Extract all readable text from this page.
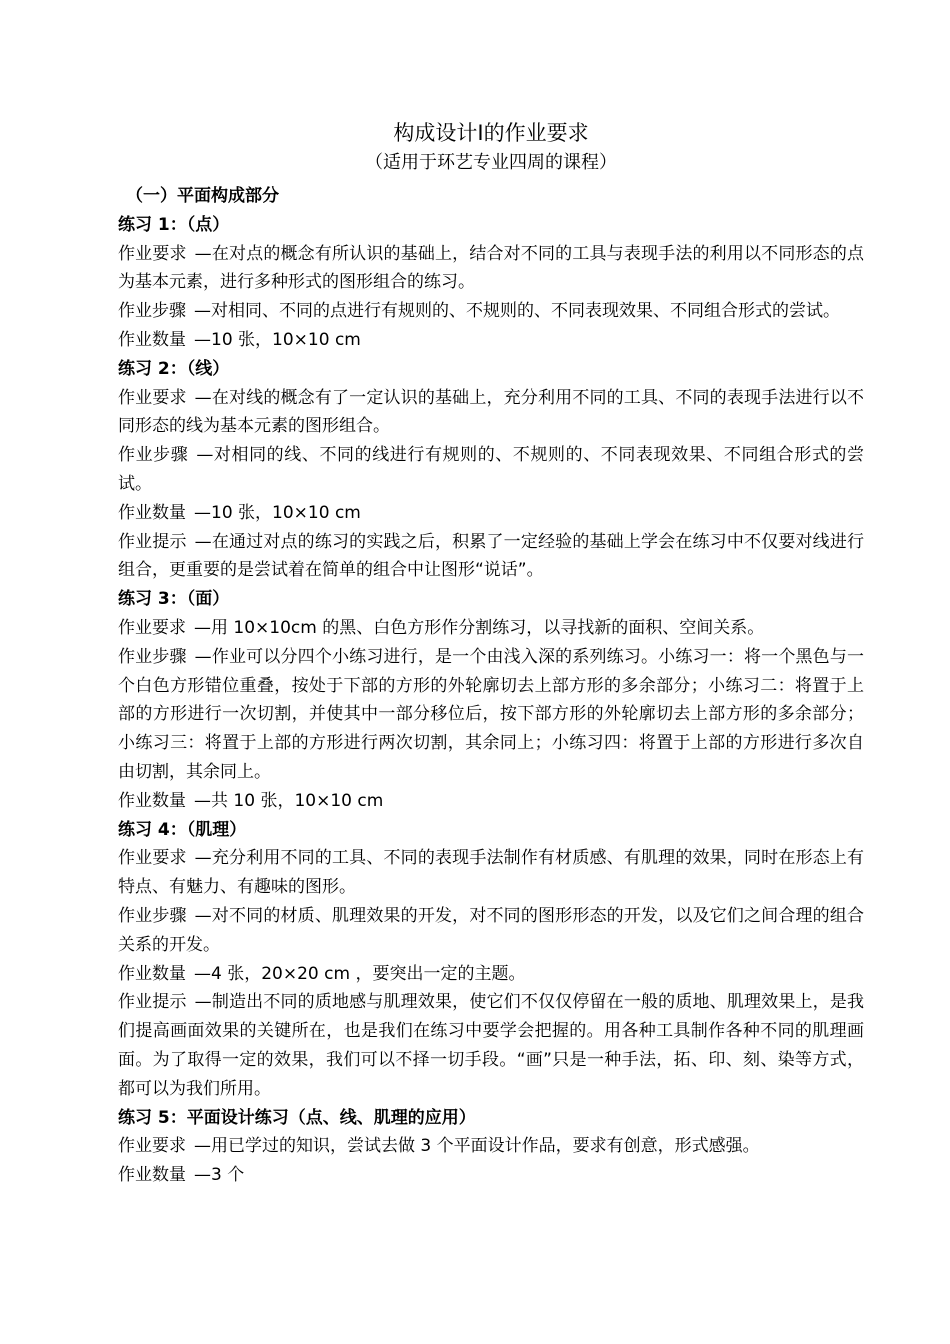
构成设计Ⅰ的作业要求

（适用于环艺专业四周的课程）

（一）平面构成部分

练习 1：（点）

作业要求 —在对点的概念有所认识的基础上，结合对不同的工具与表现手法的利用以不同形态的点为基本元素，进行多种形式的图形组合的练习。

作业步骤 —对相同、不同的点进行有规则的、不规则的、不同表现效果、不同组合形式的尝试。

作业数量 —10 张，10×10 cm

练习 2：（线）

作业要求 —在对线的概念有了一定认识的基础上，充分利用不同的工具、不同的表现手法进行以不同形态的线为基本元素的图形组合。

作业步骤 —对相同的线、不同的线进行有规则的、不规则的、不同表现效果、不同组合形式的尝试。

作业数量 —10 张，10×10 cm

作业提示 —在通过对点的练习的实践之后，积累了一定经验的基础上学会在练习中不仅要对线进行组合，更重要的是尝试着在简单的组合中让图形“说话”。

练习 3：（面）

作业要求 —用 10×10cm 的黑、白色方形作分割练习，以寻找新的面积、空间关系。

作业步骤 —作业可以分四个小练习进行，是一个由浅入深的系列练习。小练习一：将一个黑色与一个白色方形错位重叠，按处于下部的方形的外轮廓切去上部方形的多余部分；小练习二：将置于上部的方形进行一次切割，并使其中一部分移位后，按下部方形的外轮廓切去上部方形的多余部分；小练习三：将置于上部的方形进行两次切割，其余同上；小练习四：将置于上部的方形进行多次自由切割，其余同上。

作业数量 —共 10 张，10×10 cm

练习 4：（肌理）

作业要求 —充分利用不同的工具、不同的表现手法制作有材质感、有肌理的效果，同时在形态上有特点、有魅力、有趣味的图形。

作业步骤 —对不同的材质、肌理效果的开发，对不同的图形形态的开发，以及它们之间合理的组合关系的开发。

作业数量 —4 张，20×20 cm ，要突出一定的主题。

作业提示 —制造出不同的质地感与肌理效果，使它们不仅仅停留在一般的质地、肌理效果上，是我们提高画面效果的关键所在，也是我们在练习中要学会把握的。用各种工具制作各种不同的肌理画面。为了取得一定的效果，我们可以不择一切手段。“画”只是一种手法，拓、印、刻、染等方式，都可以为我们所用。

练习 5：平面设计练习（点、线、肌理的应用）

作业要求 —用已学过的知识，尝试去做 3 个平面设计作品，要求有创意，形式感强。

作业数量 —3 个
